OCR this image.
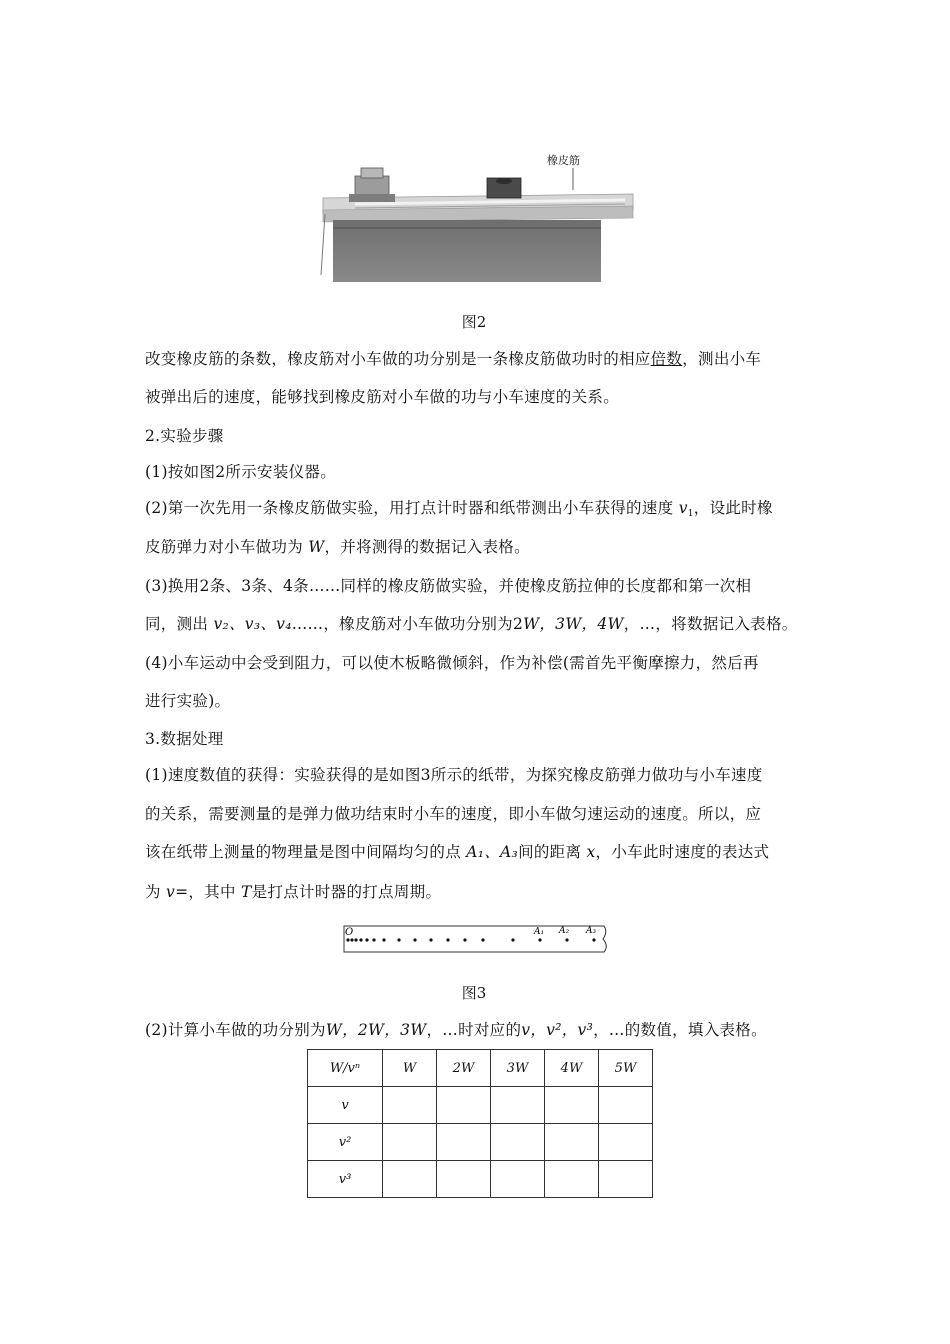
橡皮筋
图2
改变橡皮筋的条数，橡皮筋对小车做的功分别是一条橡皮筋做功时的相应倍数，测出小车
被弹出后的速度，能够找到橡皮筋对小车做的功与小车速度的关系。
2.实验步骤
(1)按如图2所示安装仪器。
(2)第一次先用一条橡皮筋做实验，用打点计时器和纸带测出小车获得的速度 $v_1$，设此时橡
皮筋弹力对小车做功为 W，并将测得的数据记入表格。
(3)换用2条、3条、4条……同样的橡皮筋做实验，并使橡皮筋拉伸的长度都和第一次相
同，测出 v₂、v₃、v₄……，橡皮筋对小车做功分别为2W，3W，4W，…，将数据记入表格。
(4)小车运动中会受到阻力，可以使木板略微倾斜，作为补偿(需首先平衡摩擦力，然后再
进行实验)。
3.数据处理
(1)速度数值的获得：实验获得的是如图3所示的纸带，为探究橡皮筋弹力做功与小车速度
的关系，需要测量的是弹力做功结束时小车的速度，即小车做匀速运动的速度。所以，应
该在纸带上测量的物理量是图中间隔均匀的点 A₁、A₃间的距离 x，小车此时速度的表达式
为 v=，其中 T是打点计时器的打点周期。
O	A₁ A₂ A₃
图3
(2)计算小车做的功分别为W，2W，3W，…时对应的v，v²，v³，…的数值，填入表格。
W/vⁿ	W	2W	3W	4W	5W
v					
v²					
v³					
